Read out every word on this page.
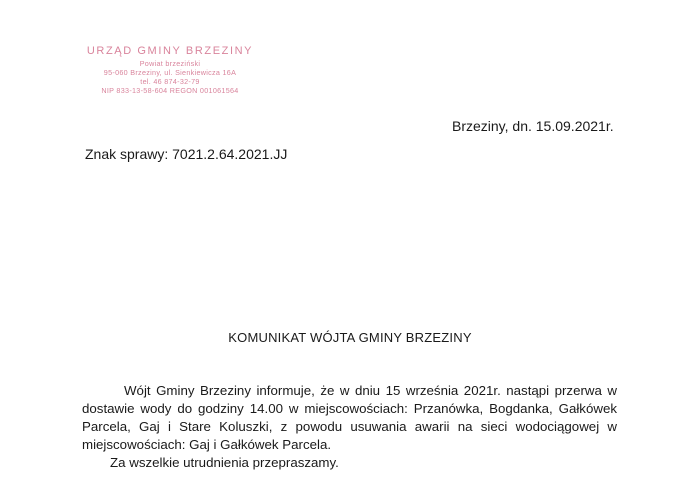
URZĄD GMINY BRZEZINY
Powiat brzeziński
95-060 Brzeziny, ul. Sienkiewicza 16A
tel. 46 874-32-79
NIP 833-13-58-604 REGON 001061564
Brzeziny, dn. 15.09.2021r.
Znak sprawy: 7021.2.64.2021.JJ
KOMUNIKAT WÓJTA GMINY BRZEZINY

Wójt Gminy Brzeziny informuje, że w dniu 15 września 2021r. nastąpi przerwa w dostawie wody do godziny 14.00 w miejscowościach: Przanówka, Bogdanka, Gałkówek Parcela, Gaj i Stare Koluszki, z powodu usuwania awarii na sieci wodociągowej w miejscowościach: Gaj i Gałkówek Parcela.

Za wszelkie utrudnienia przepraszamy.
